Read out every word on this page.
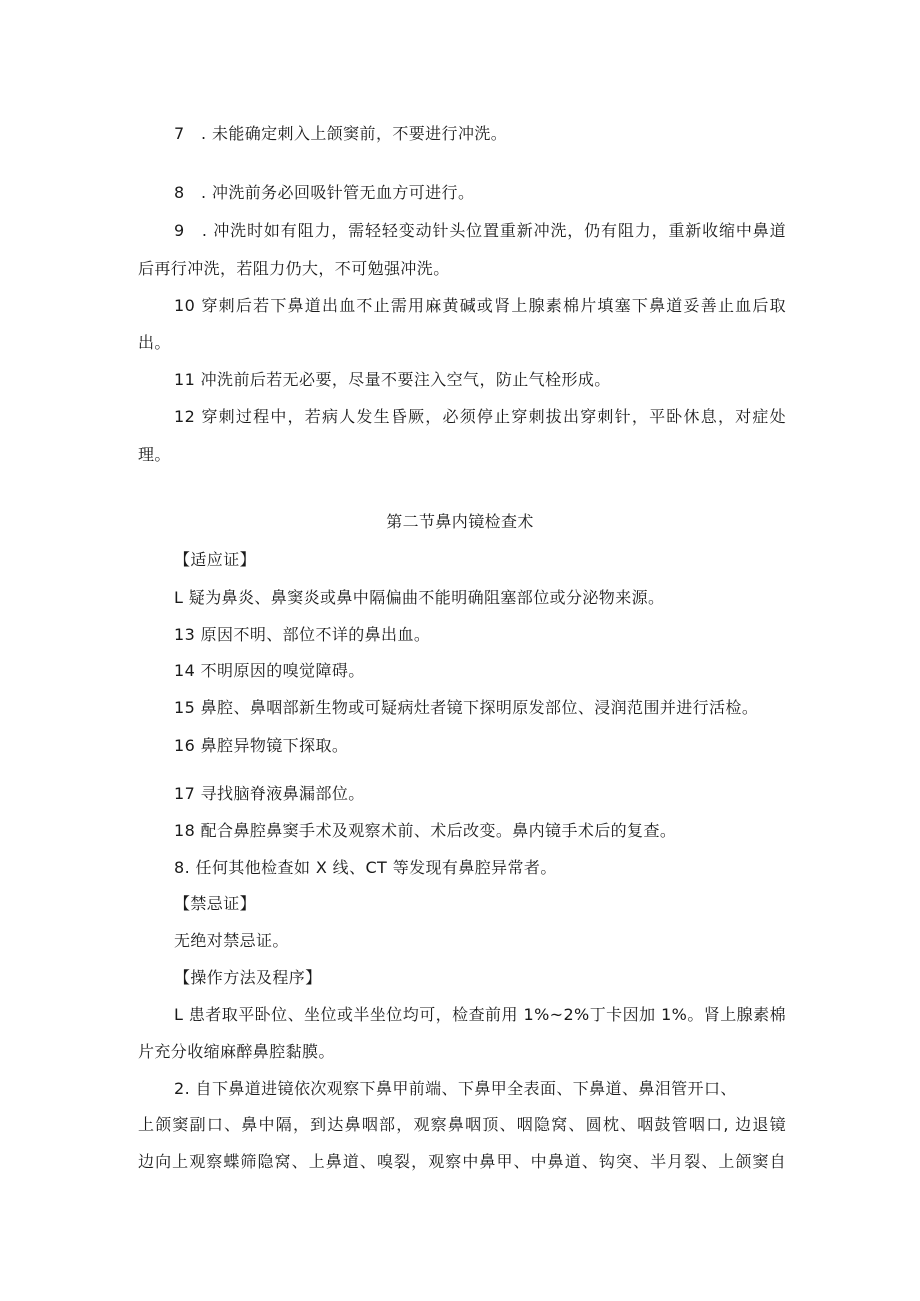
7　. 未能确定刺入上颌窦前，不要进行冲洗。
8　. 冲洗前务必回吸针管无血方可进行。
9　. 冲洗时如有阻力，需轻轻变动针头位置重新冲洗，仍有阻力，重新收缩中鼻道
后再行冲洗，若阻力仍大，不可勉强冲洗。
10 穿刺后若下鼻道出血不止需用麻黄碱或肾上腺素棉片填塞下鼻道妥善止血后取
出。
11 冲洗前后若无必要，尽量不要注入空气，防止气栓形成。
12 穿刺过程中，若病人发生昏厥，必须停止穿刺拔出穿刺针，平卧休息，对症处
理。
第二节鼻内镜检查术
【适应证】
L 疑为鼻炎、鼻窦炎或鼻中隔偏曲不能明确阻塞部位或分泌物来源。
13 原因不明、部位不详的鼻出血。
14 不明原因的嗅觉障碍。
15 鼻腔、鼻咽部新生物或可疑病灶者镜下探明原发部位、浸润范围并进行活检。
16 鼻腔异物镜下探取。
17 寻找脑脊液鼻漏部位。
18 配合鼻腔鼻窦手术及观察术前、术后改变。鼻内镜手术后的复查。
8. 任何其他检查如 X 线、CT 等发现有鼻腔异常者。
【禁忌证】
无绝对禁忌证。
【操作方法及程序】
L 患者取平卧位、坐位或半坐位均可，检查前用 1%~2%丁卡因加 1%。肾上腺素棉
片充分收缩麻醉鼻腔黏膜。
2. 自下鼻道进镜依次观察下鼻甲前端、下鼻甲全表面、下鼻道、鼻泪管开口、
上颌窦副口、鼻中隔，到达鼻咽部，观察鼻咽顶、咽隐窝、圆枕、咽鼓管咽口, 边退镜
边向上观察蝶筛隐窝、上鼻道、嗅裂，观察中鼻甲、中鼻道、钩突、半月裂、上颌窦自
